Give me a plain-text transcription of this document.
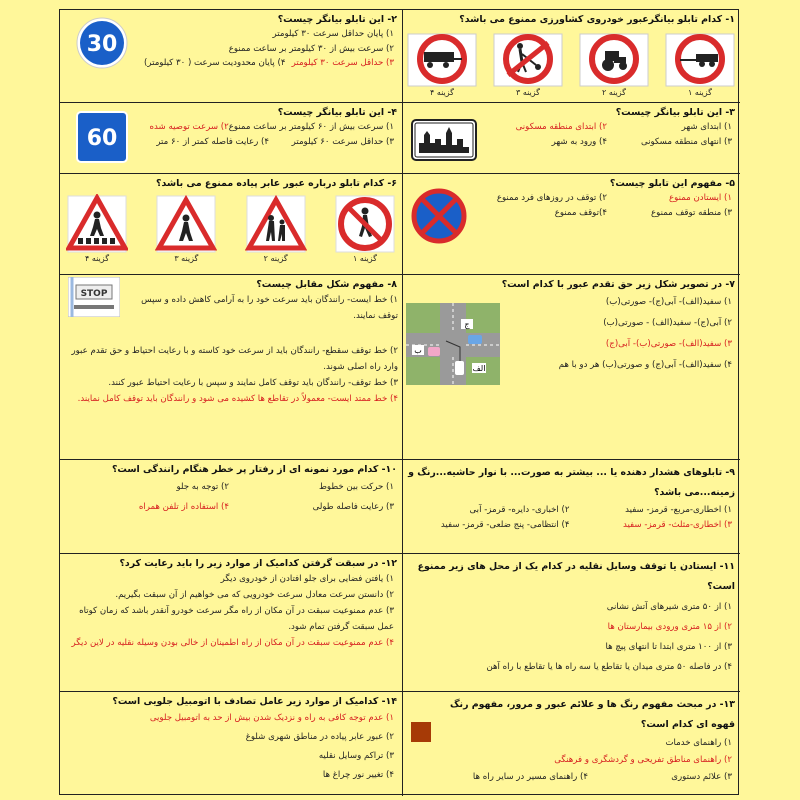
۱- کدام تابلو بیانگرعبور خودروی کشاورزی ممنوع می باشد؟
گزینه ۱
گزینه ۲
گزینه ۳
گزینه ۴
30
۲- این تابلو بیانگر چیست؟
۱) پایان حداقل سرعت ۳۰ کیلومتر
۲) سرعت بیش از ۳۰ کیلومتر بر ساعت ممنوع
۳) حداقل سرعت ۳۰ کیلومتر
۴) پایان محدودیت سرعت ( ۳۰ کیلومتر)
۳- این تابلو بیانگر چیست؟
۱) ابتدای شهر
۲) ابتدای منطقه مسکونی
۳) انتهای منطقه مسکونی
۴) ورود به شهر
60
۴- این تابلو بیانگر چیست؟
۱) سرعت بیش از ۶۰ کیلومتر بر ساعت ممنوع
۲) سرعت توصیه شده
۳) حداقل سرعت ۶۰ کیلومتر
۴) رعایت فاصله کمتر از ۶۰ متر
۵- مفهوم این تابلو چیست؟
۱) ایستادن ممنوع
۲) توقف در روزهای فرد ممنوع
۳) منطقه توقف ممنوع
۴)توقف ممنوع
۶- کدام تابلو درباره عبور عابر پیاده ممنوع می باشد؟
گزینه ۱
گزینه ۲
گزینه ۳
گزینه ۴
۷- در تصویر شکل زیر حق تقدم عبور با کدام است؟
۱) سفید(الف)- آبی(ج)- صورتی(ب)
۲) آبی(ج)- سفید(الف) - صورتی(ب)
۳) سفید(الف)- صورتی(ب)- آبی(ج)
۴) سفید(الف)- آبی(ج) و صورتی(ب) هر دو با هم
ج
ب
الف
STOP
۸- مفهوم شکل مقابل چیست؟
۱) خط ایست- رانندگان باید سرعت خود را به آرامی کاهش داده و سپس توقف نمایند.
۲) خط توقف سقطع- رانندگان باید از سرعت خود کاسته و با رعایت احتیاط و حق تقدم عبور وارد راه اصلی شوند.
۳) خط توقف- رانندگان باید توقف کامل نمایند و سپس با رعایت احتیاط عبور کنند.
۴) خط ممتد ایست- معمولاً در تقاطع ها کشیده می شود و رانندگان باید توقف کامل نمایند.
۹- تابلوهای هشدار دهنده یا ... بیشتر به صورت... با نوار حاشیه...رنگ و زمینه...می باشد؟
۱) اخطاری-مربع- قرمز- سفید
۲) اخباری- دایره- قرمز- آبی
۳) اخطاری-مثلث- قرمز- سفید
۴) انتظامی- پنج ضلعی- قرمز- سفید
۱۰- کدام مورد نمونه ای از رفتار پر خطر هنگام رانندگی است؟
۱) حرکت بین خطوط
۲) توجه به جلو
۳) رعایت فاصله طولی
۴) استفاده از تلفن همراه
۱۱- ایستادن یا توقف وسایل نقلیه در کدام یک از محل های زیر ممنوع است؟
۱) از ۵۰ متری شیرهای آتش نشانی
۲) از ۱۵ متری ورودی بیمارستان ها
۳) از ۱۰۰ متری ابتدا تا انتهای پیچ ها
۴) در فاصله ۵۰ متری میدان یا تقاطع یا سه راه ها یا تقاطع با راه آهن
۱۲- در سبقت گرفتن کدامیک از موارد زیر را باید رعایت کرد؟
۱) یافتن فضایی برای جلو افتادن از خودروی دیگر
۲) دانستن سرعت معادل سرعت خودرویی که می خواهیم از آن سبقت بگیریم.
۳) عدم ممنوعیت سبقت در آن مکان از راه مگر سرعت خودرو آنقدر باشد که زمان کوتاه عمل سبقت گرفتن تمام شود.
۴) عدم ممنوعیت سبقت در آن مکان از راه اطمینان از خالی بودن وسیله نقلیه در لاین دیگر
۱۳- در مبحث مفهوم رنگ ها و علائم عبور و مرور، مفهوم رنگ قهوه ای کدام است؟
۱) راهنمای خدمات
۲) راهنمای مناطق تفریحی و گردشگری و فرهنگی
۳) علائم دستوری
۴) راهنمای مسیر در سایر راه ها
۱۴- کدامیک از موارد زیر عامل تصادف با اتومبیل جلویی است؟
۱) عدم توجه کافی به راه و نزدیک شدن بیش از حد به اتومبیل جلویی
۲) عبور عابر پیاده در مناطق شهری شلوغ
۳) تراکم وسایل نقلیه
۴) تغییر نور چراغ ها
